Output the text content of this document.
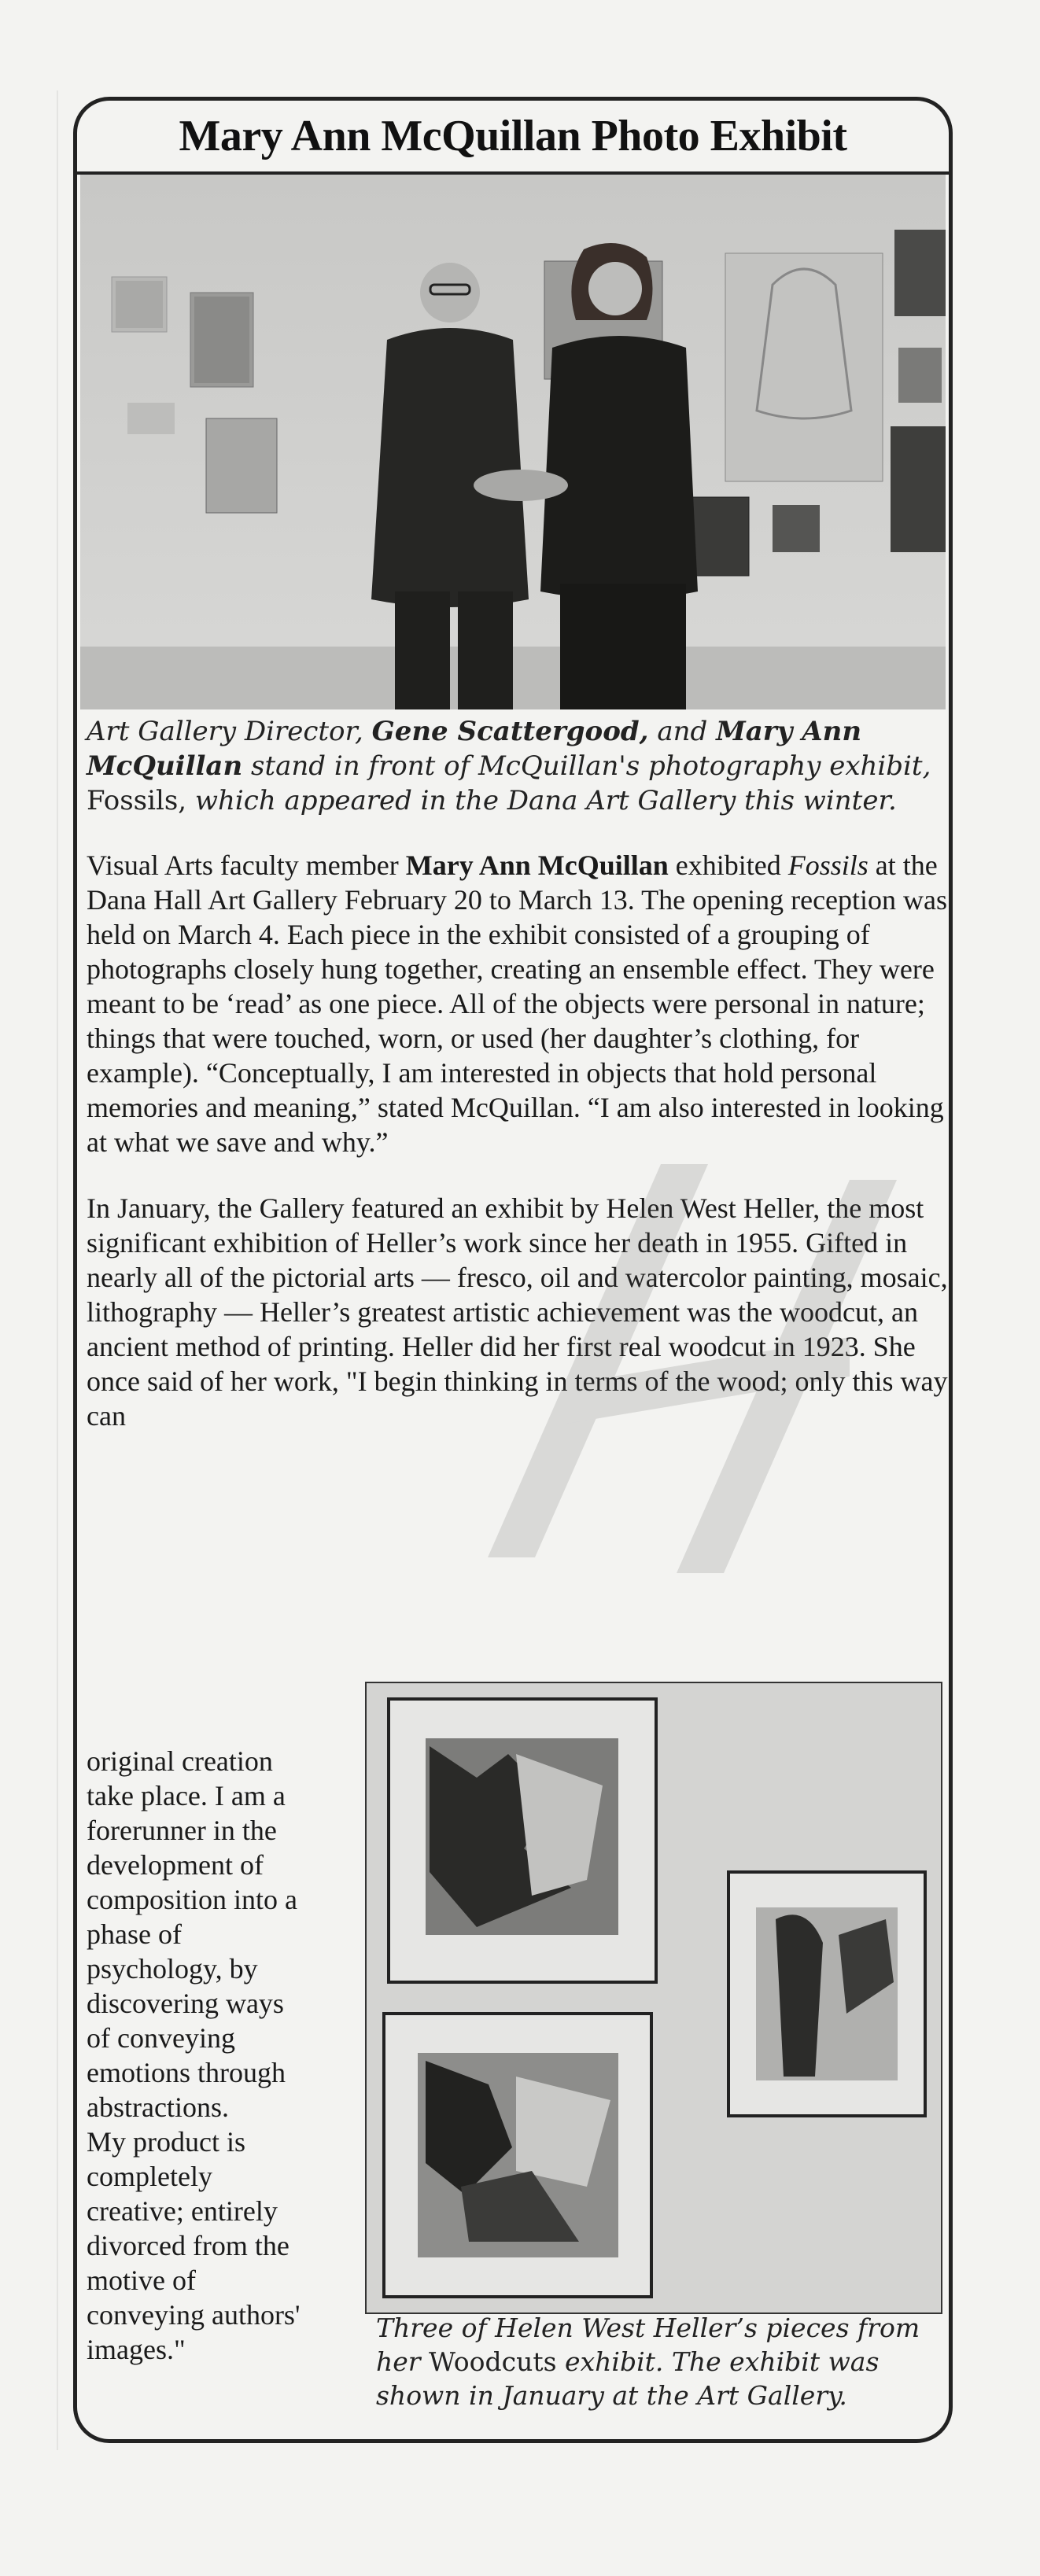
Mary Ann McQuillan Photo Exhibit
Art Gallery Director, Gene Scattergood, and Mary Ann McQuillan stand in front of McQuillan's photography exhibit, Fossils, which appeared in the Dana Art Gallery this winter.

Visual Arts faculty member Mary Ann McQuillan exhibited Fossils at the Dana Hall Art Gallery February 20 to March 13. The opening reception was held on March 4. Each piece in the exhibit consisted of a grouping of photographs closely hung together, creating an ensemble effect. They were meant to be ‘read’ as one piece. All of the objects were personal in nature; things that were touched, worn, or used (her daughter’s clothing, for example). “Conceptually, I am interested in objects that hold personal memories and meaning,” stated McQuillan. “I am also interested in looking at what we save and why.”

In January, the Gallery featured an exhibit by Helen West Heller, the most significant exhibition of Heller’s work since her death in 1955. Gifted in nearly all of the pictorial arts — fresco, oil and watercolor painting, mosaic, lithography — Heller’s greatest artistic achievement was the woodcut, an ancient method of printing. Heller did her first real woodcut in 1923. She once said of her work, "I begin thinking in terms of the wood; only this way can

original creation
take place. I am a
forerunner in the
development of
composition into a
phase of
psychology, by
discovering ways
of conveying
emotions through
abstractions.
My product is
completely
creative; entirely
divorced from the
motive of
conveying authors'
images."
Three of Helen West Heller’s pieces from her Woodcuts exhibit. The exhibit was shown in January at the Art Gallery.
